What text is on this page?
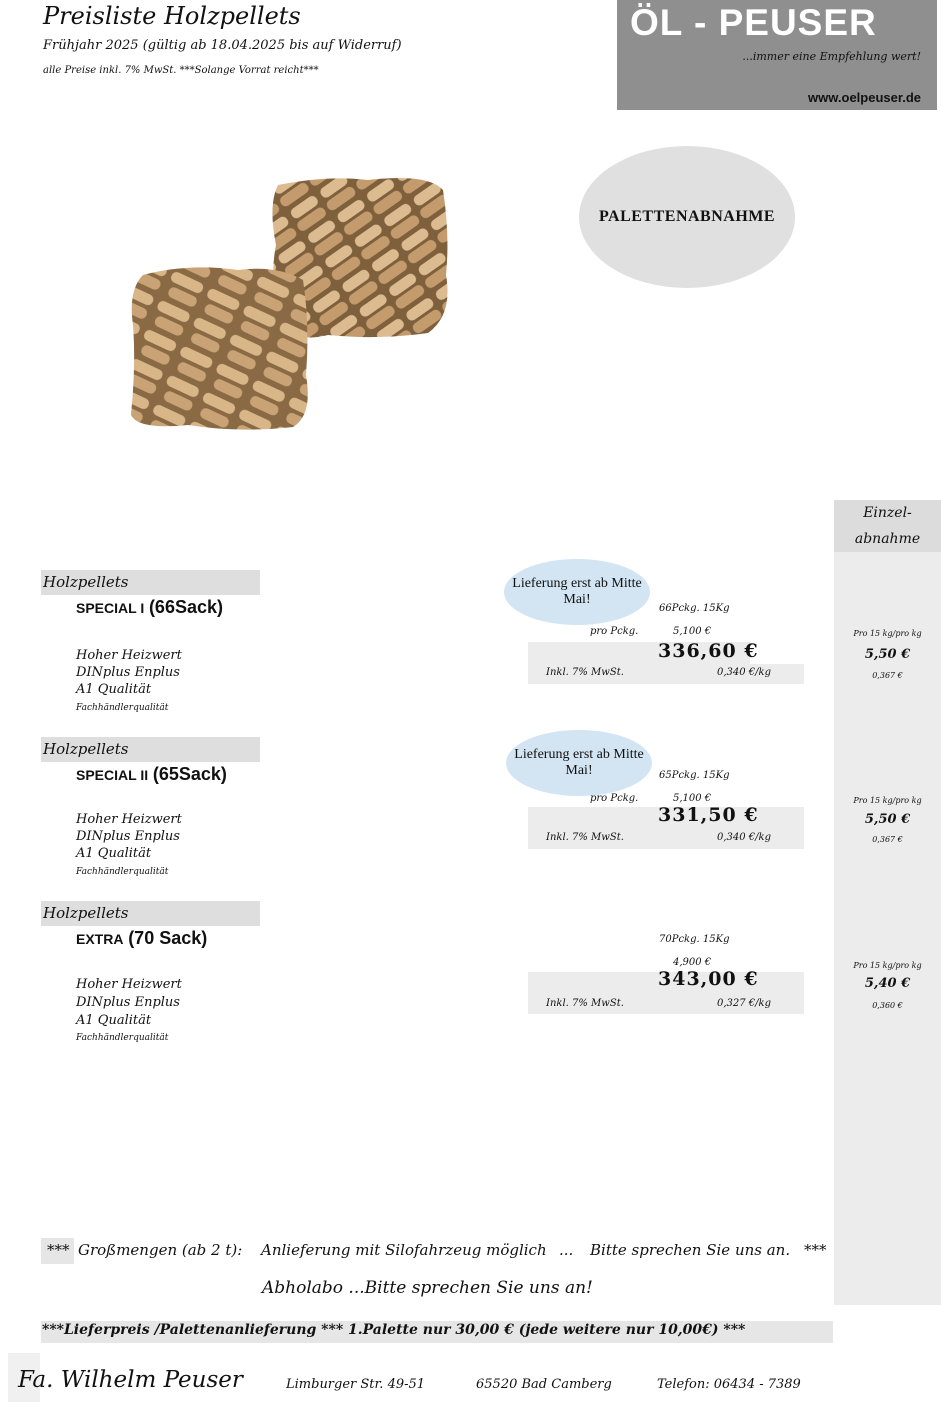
Preisliste Holzpellets
Frühjahr 2025 (gültig ab 18.04.2025 bis auf Widerruf)
alle Preise inkl. 7% MwSt. ***Solange Vorrat reicht***
ÖL - PEUSER
...immer eine Empfehlung wert!
www.oelpeuser.de
PALETTENABNAHME
Einzel-
abnahme
Holzpellets
SPECIAL I (66Sack)
Hoher Heizwert
DINplus Enplus
A1 Qualität
Fachhändlerqualität
Lieferung erst ab Mitte Mai!
66Pckg. 15Kg
pro Pckg.	5,100 €
336,60 €
Inkl. 7% MwSt.	0,340 €/kg
Pro 15 kg/pro kg
5,50 €
0,367 €
Holzpellets
SPECIAL II (65Sack)
Hoher Heizwert
DINplus Enplus
A1 Qualität
Fachhändlerqualität
Lieferung erst ab Mitte Mai!	65Pckg. 15Kg
pro Pckg.	5,100 €
331,50 €
Inkl. 7% MwSt.	0,340 €/kg
Pro 15 kg/pro kg
5,50 €
0,367 €
Holzpellets
EXTRA (70 Sack)
Hoher Heizwert
DINplus Enplus
A1 Qualität
Fachhändlerqualität
70Pckg. 15Kg
4,900 €
343,00 €
Inkl. 7% MwSt.	0,327 €/kg
Pro 15 kg/pro kg
5,40 €
0,360 €
*** Großmengen (ab 2 t): Anlieferung mit Silofahrzeug möglich ... Bitte sprechen Sie uns an. ***
Abholabo ...Bitte sprechen Sie uns an!
***Lieferpreis /Palettenanlieferung *** 1.Palette nur 30,00 € (jede weitere nur 10,00€) ***
Fa. Wilhelm Peuser	Limburger Str. 49-51	65520 Bad Camberg	Telefon: 06434 - 7389
